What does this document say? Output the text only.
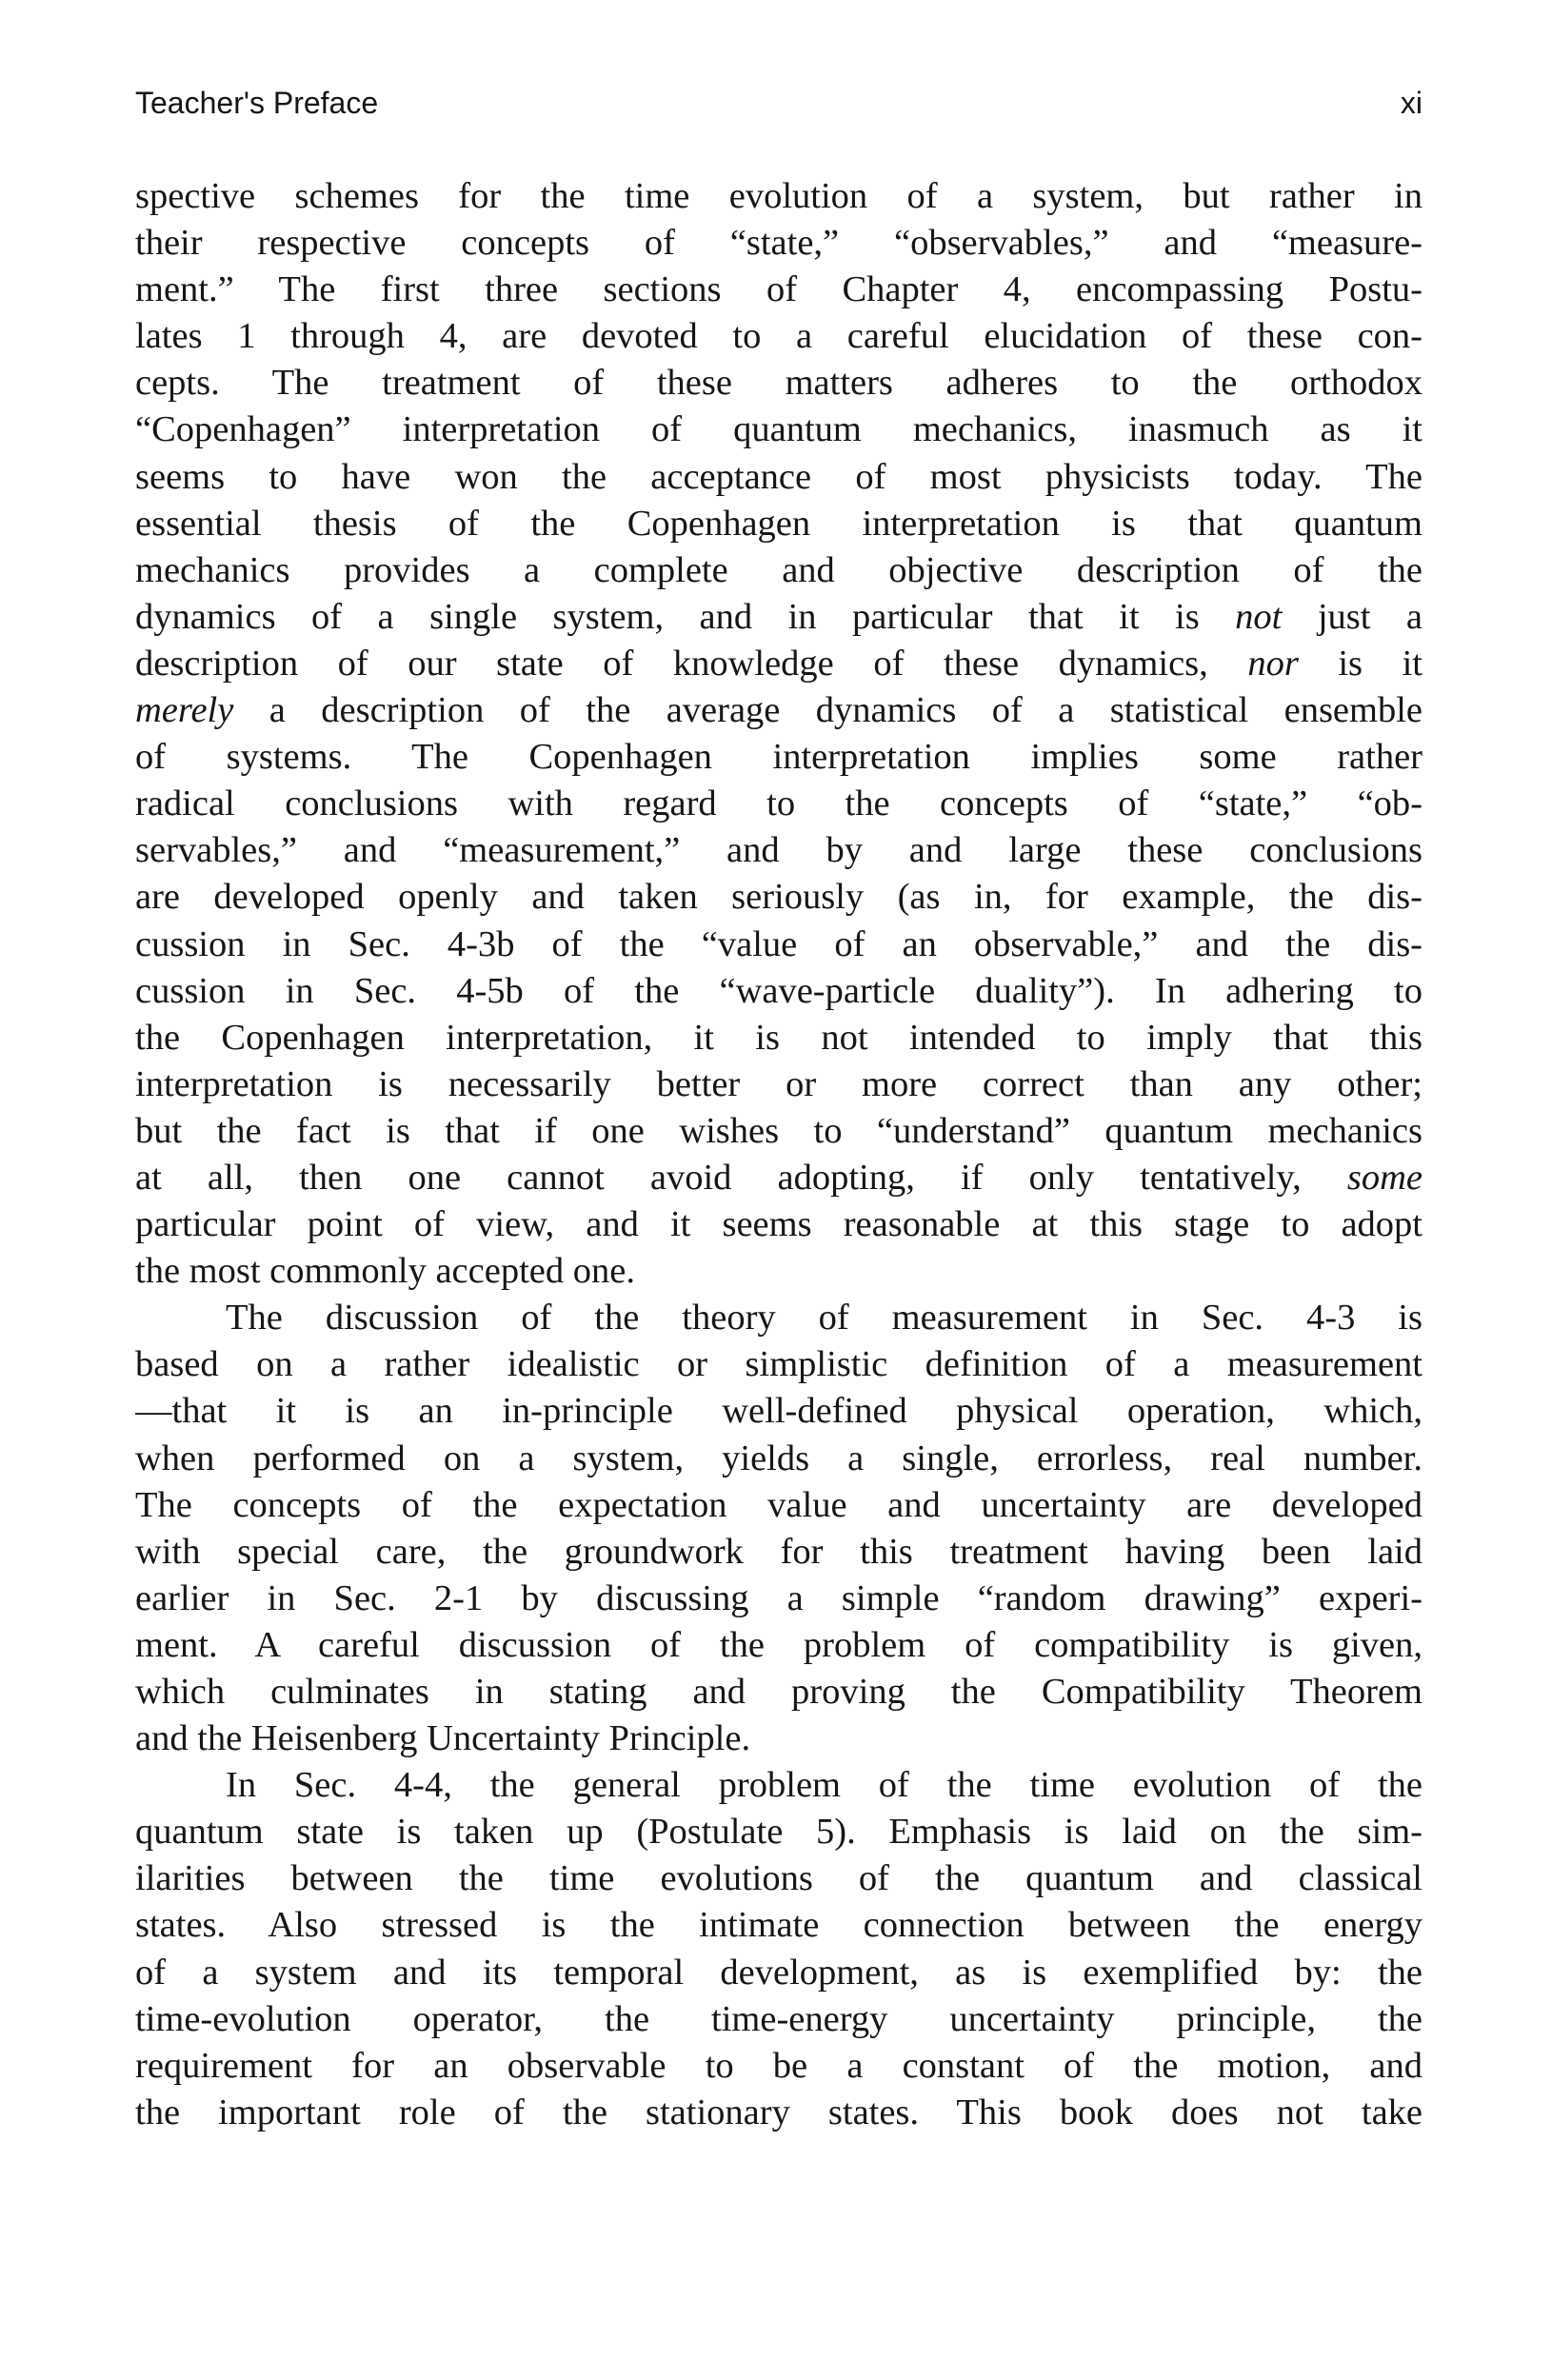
Teacher's Preface	xi
spective schemes for the time evolution of a system, but rather in
their respective concepts of “state,” “observables,” and “measure-
ment.” The first three sections of Chapter 4, encompassing Postu-
lates 1 through 4, are devoted to a careful elucidation of these con-
cepts. The treatment of these matters adheres to the orthodox
“Copenhagen” interpretation of quantum mechanics, inasmuch as it
seems to have won the acceptance of most physicists today. The
essential thesis of the Copenhagen interpretation is that quantum
mechanics provides a complete and objective description of the
dynamics of a single system, and in particular that it is not just a
description of our state of knowledge of these dynamics, nor is it
merely a description of the average dynamics of a statistical ensemble
of systems. The Copenhagen interpretation implies some rather
radical conclusions with regard to the concepts of “state,” “ob-
servables,” and “measurement,” and by and large these conclusions
are developed openly and taken seriously (as in, for example, the dis-
cussion in Sec. 4-3b of the “value of an observable,” and the dis-
cussion in Sec. 4-5b of the “wave-particle duality”). In adhering to
the Copenhagen interpretation, it is not intended to imply that this
interpretation is necessarily better or more correct than any other;
but the fact is that if one wishes to “understand” quantum mechanics
at all, then one cannot avoid adopting, if only tentatively, some
particular point of view, and it seems reasonable at this stage to adopt
the most commonly accepted one.
The discussion of the theory of measurement in Sec. 4-3 is
based on a rather idealistic or simplistic definition of a measurement
—that it is an in-principle well-defined physical operation, which,
when performed on a system, yields a single, errorless, real number.
The concepts of the expectation value and uncertainty are developed
with special care, the groundwork for this treatment having been laid
earlier in Sec. 2-1 by discussing a simple “random drawing” experi-
ment. A careful discussion of the problem of compatibility is given,
which culminates in stating and proving the Compatibility Theorem
and the Heisenberg Uncertainty Principle.
In Sec. 4-4, the general problem of the time evolution of the
quantum state is taken up (Postulate 5). Emphasis is laid on the sim-
ilarities between the time evolutions of the quantum and classical
states. Also stressed is the intimate connection between the energy
of a system and its temporal development, as is exemplified by: the
time-evolution operator, the time-energy uncertainty principle, the
requirement for an observable to be a constant of the motion, and
the important role of the stationary states. This book does not take
